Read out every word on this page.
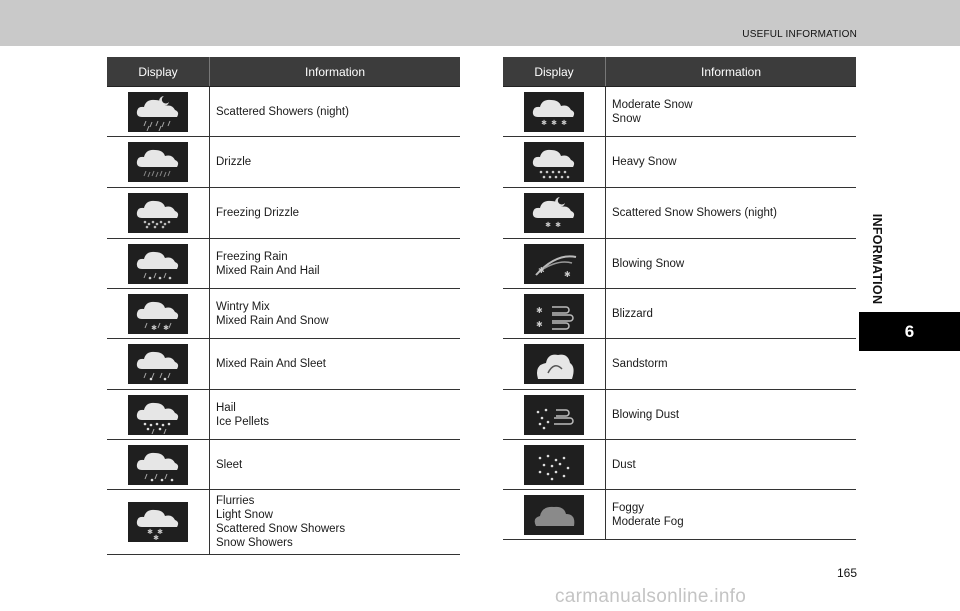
USEFUL INFORMATION
INFORMATION
6
Display	Information
Scattered Showers (night)
Drizzle
Freezing Drizzle
Freezing Rain
Mixed Rain And Hail
✱ ✱
Wintry Mix
Mixed Rain And Snow
Mixed Rain And Sleet
Hail
Ice Pellets
Sleet
✱ ✱
✱
Flurries
Light Snow
Scattered Snow Showers
Snow Showers
Display	Information
✱ ✱ ✱
Moderate Snow
Snow
Heavy Snow
✱ ✱
Scattered Snow Showers (night)
✱ ✱
Blowing Snow
✱
✱
Blizzard
Sandstorm
Blowing Dust
Dust
Foggy
Moderate Fog
165
carmanualsonline.info
